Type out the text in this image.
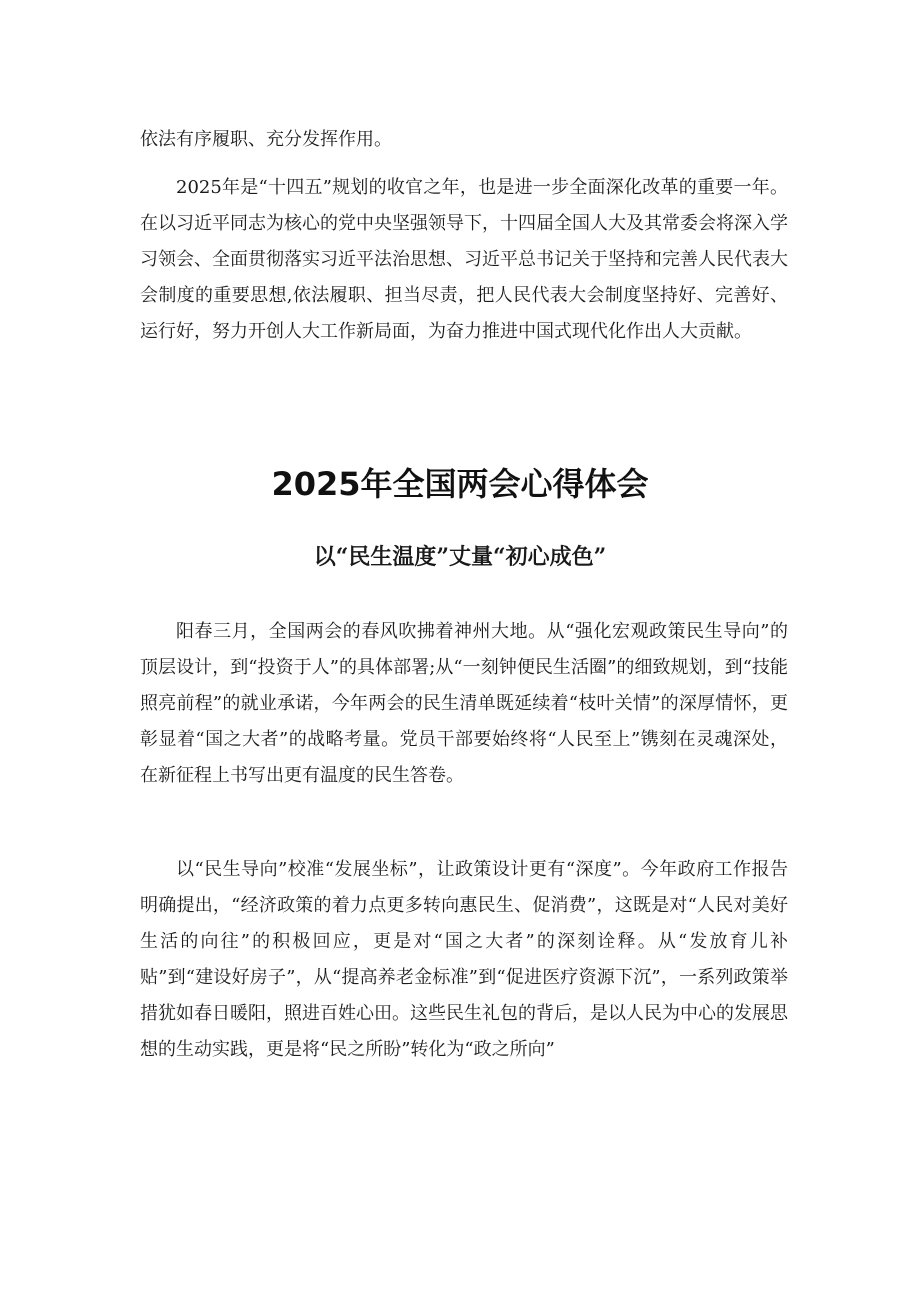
依法有序履职、充分发挥作用。

2025年是“十四五”规划的收官之年，也是进一步全面深化改革的重要一年。在以习近平同志为核心的党中央坚强领导下，十四届全国人大及其常委会将深入学习领会、全面贯彻落实习近平法治思想、习近平总书记关于坚持和完善人民代表大会制度的重要思想,依法履职、担当尽责，把人民代表大会制度坚持好、完善好、运行好，努力开创人大工作新局面，为奋力推进中国式现代化作出人大贡献。

2025年全国两会心得体会
以“民生温度”丈量“初心成色”

阳春三月，全国两会的春风吹拂着神州大地。从“强化宏观政策民生导向”的顶层设计，到“投资于人”的具体部署;从“一刻钟便民生活圈”的细致规划，到“技能照亮前程”的就业承诺，今年两会的民生清单既延续着“枝叶关情”的深厚情怀，更彰显着“国之大者”的战略考量。党员干部要始终将“人民至上”镌刻在灵魂深处，在新征程上书写出更有温度的民生答卷。

以“民生导向”校准“发展坐标”，让政策设计更有“深度”。今年政府工作报告明确提出，“经济政策的着力点更多转向惠民生、促消费”，这既是对“人民对美好生活的向往”的积极回应，更是对“国之大者”的深刻诠释。从“发放育儿补贴”到“建设好房子”，从“提高养老金标准”到“促进医疗资源下沉”，一系列政策举措犹如春日暖阳，照进百姓心田。这些民生礼包的背后，是以人民为中心的发展思想的生动实践，更是将“民之所盼”转化为“政之所向”
